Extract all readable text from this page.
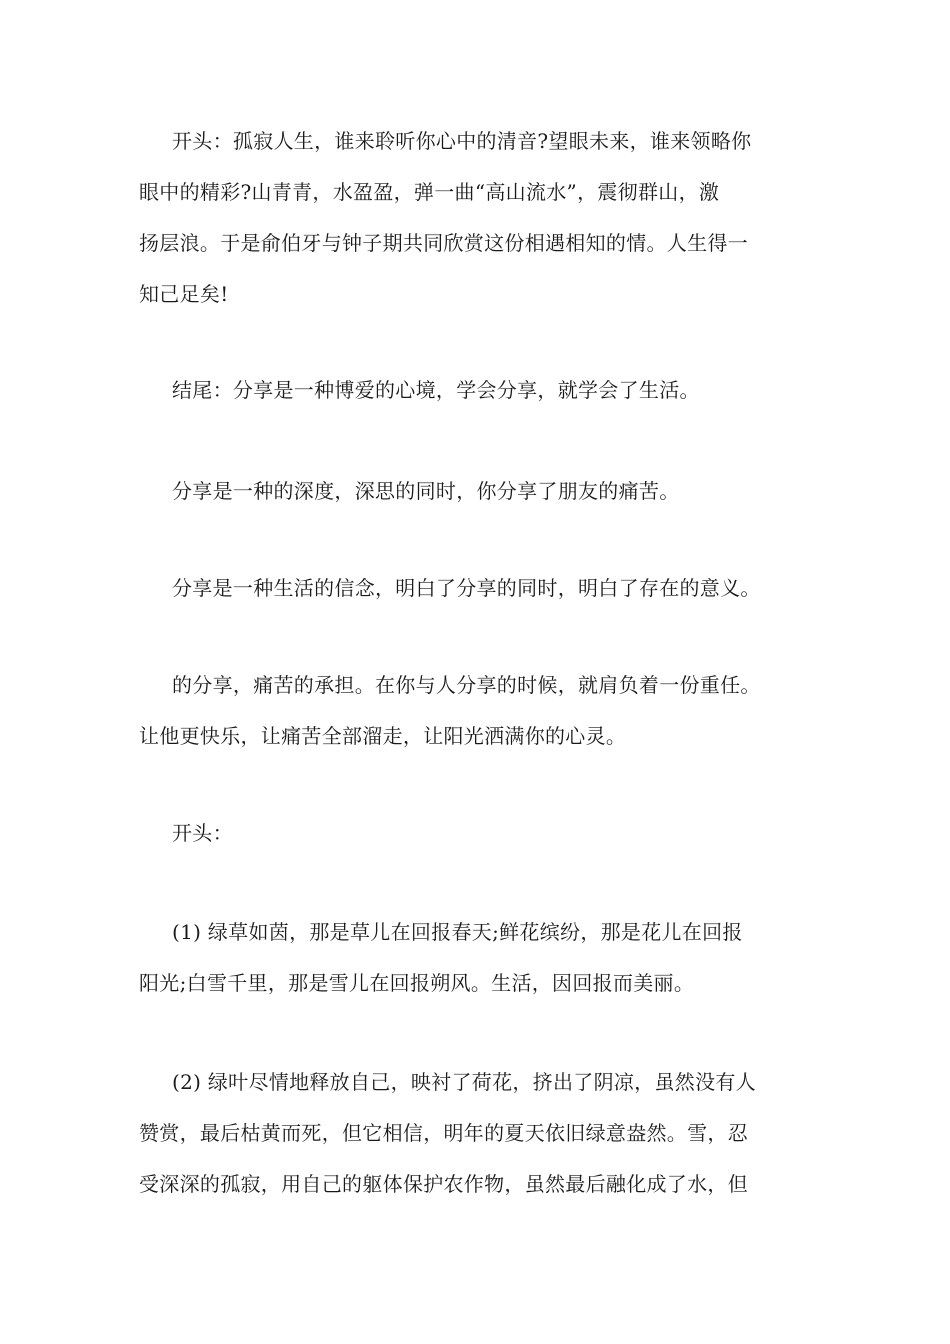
开头：孤寂人生，谁来聆听你心中的清音?望眼未来，谁来领略你
眼中的精彩?山青青，水盈盈，弹一曲“高山流水”，震彻群山，激
扬层浪。于是俞伯牙与钟子期共同欣赏这份相遇相知的情。人生得一
知己足矣!

结尾：分享是一种博爱的心境，学会分享，就学会了生活。

分享是一种的深度，深思的同时，你分享了朋友的痛苦。

分享是一种生活的信念，明白了分享的同时，明白了存在的意义。

的分享，痛苦的承担。在你与人分享的时候，就肩负着一份重任。
让他更快乐，让痛苦全部溜走，让阳光洒满你的心灵。

开头：

(1) 绿草如茵，那是草儿在回报春天;鲜花缤纷，那是花儿在回报
阳光;白雪千里，那是雪儿在回报朔风。生活，因回报而美丽。

(2) 绿叶尽情地释放自己，映衬了荷花，挤出了阴凉，虽然没有人
赞赏，最后枯黄而死，但它相信，明年的夏天依旧绿意盎然。雪，忍
受深深的孤寂，用自己的躯体保护农作物，虽然最后融化成了水，但
